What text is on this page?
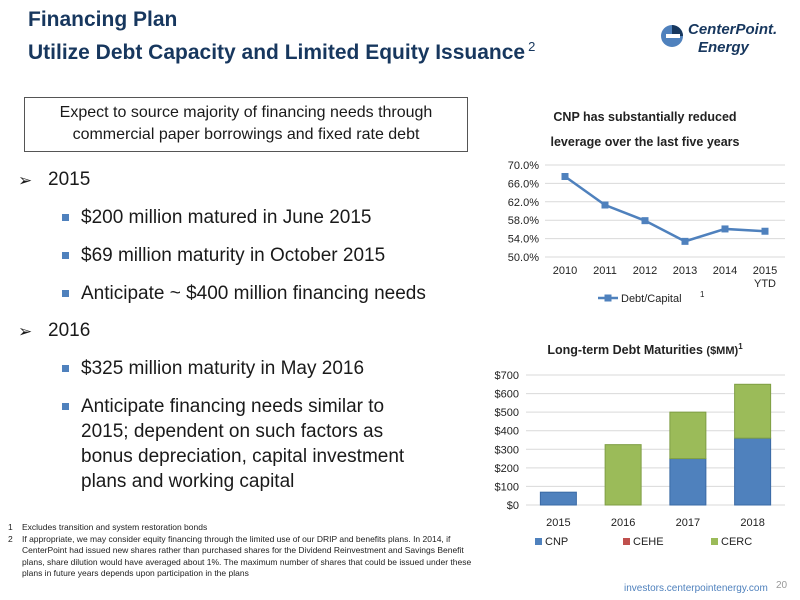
Financing Plan
Utilize Debt Capacity and Limited Equity Issuance $^2$
CenterPoint.
Energy
Expect to source majority of financing needs through
commercial paper borrowings and fixed rate debt
➢ 2015
$200 million matured in June 2015
$69 million maturity in October 2015
Anticipate ~ $400 million financing needs
➢ 2016
$325 million maturity in May 2016
Anticipate financing needs similar to 2015; dependent on such factors as bonus depreciation, capital investment plans and working capital
CNP has substantially reduced
leverage over the last five years
70.0%
66.0%
62.0%
58.0%
54.0%
50.0%
2010 2011 2012 2013 2014 2015
YTD
Debt/Capital 1
Long-term Debt Maturities ($MM)$^1$
$700
$600
$500
$400
$300
$200
$100
$0
2015	2016	2017	2018
CNP	CEHE	CERC
1 Excludes transition and system restoration bonds
2 If appropriate, we may consider equity financing through the limited use of our DRIP and benefits plans. In 2014, if CenterPoint had issued new shares rather than purchased shares for the Dividend Reinvestment and Savings Benefit plans, share dilution would have averaged about 1%. The maximum number of shares that could be issued under these plans in future years depends upon participation in the plans
investors.centerpointenergy.com 20
